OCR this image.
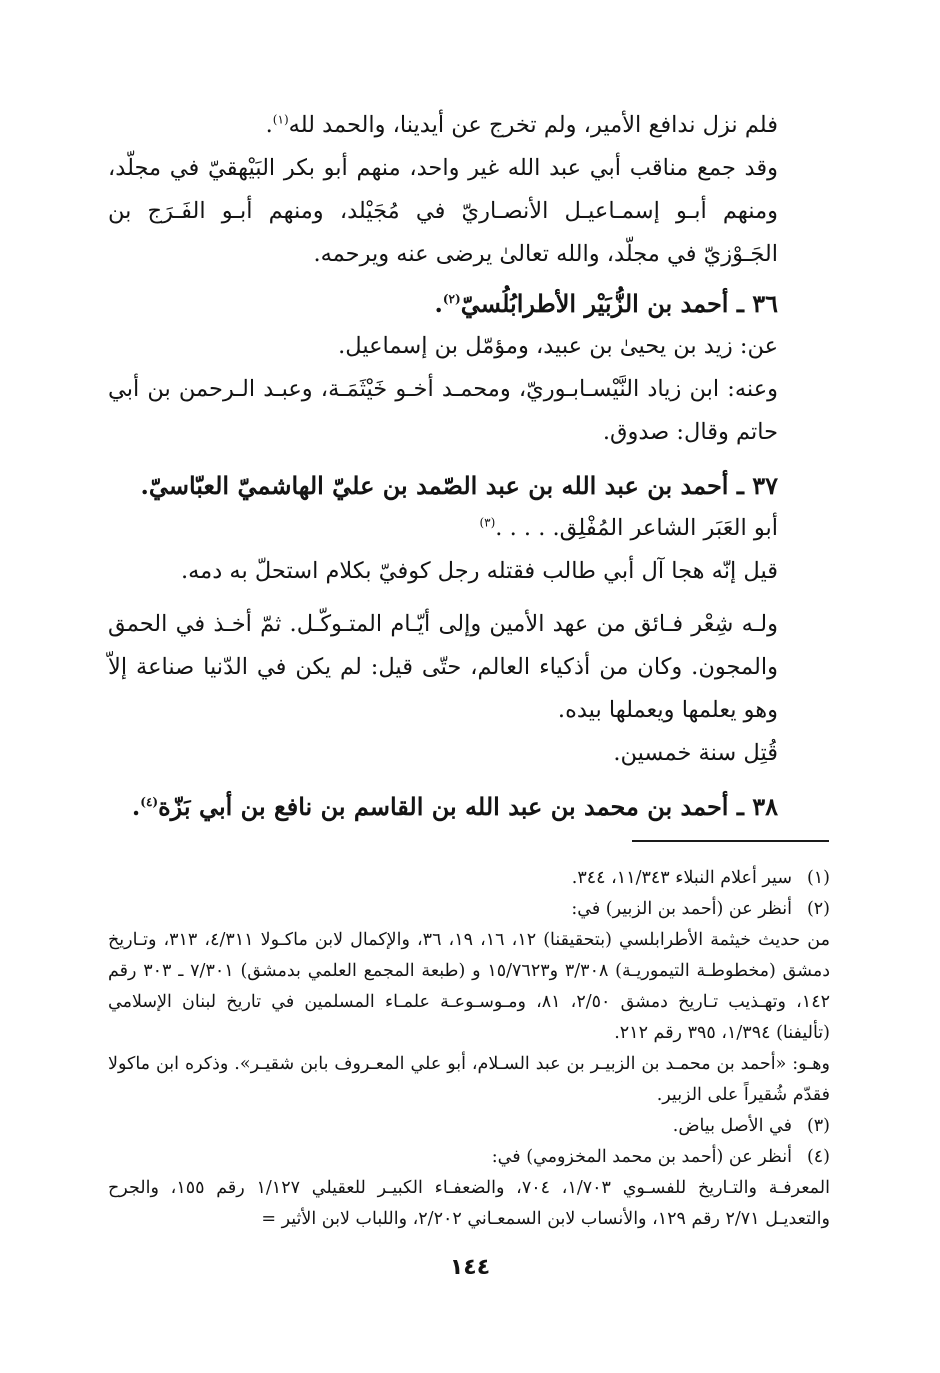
فلم نزل ندافع الأمير، ولم تخرج عن أيدينا، والحمد لله$^{(١)}$.

وقد جمع مناقب أبي عبد الله غير واحد، منهم أبو بكر البَيْهقيّ في مجلّد، ومنهم أبـو إسمـاعيـل الأنصـاريّ في مُجَيْلد، ومنهم أبـو الفَـرَج بن الجَـوْزيّ في مجلّد، والله تعالىٰ يرضى عنه ويرحمه.

٣٦ ـ أحمد بن الزُّبَيْر الأطرابُلُسيّ$^{(٢)}$.

عن: زيد بن يحيىٰ بن عبيد، ومؤمّل بن إسماعيل.

وعنه: ابن زياد النَّيْسـابـوريّ، ومحمـد أخـو خَيْثَمَـة، وعبـد الـرحمن بن أبي حاتم وقال: صدوق.

٣٧ ـ أحمد بن عبد الله بن عبد الصّمد بن عليّ الهاشميّ العبّاسيّ.

أبو العَبَر الشاعر المُفْلِق. . . . .$^{(٣)}$

قيل إنّه هجا آل أبي طالب فقتله رجل كوفيّ بكلام استحلّ به دمه.

ولـه شِعْر فـائق من عهد الأمين وإلى أيّـام المتـوكّـل. ثمّ أخـذ في الحمق والمجون. وكان من أذكياء العالم، حتّى قيل: لم يكن في الدّنيا صناعة إلاّ وهو يعلمها ويعملها بيده.

قُتِل سنة خمسين.

٣٨ ـ أحمد بن محمد بن عبد الله بن القاسم بن نافع بن أبي بَزّة$^{(٤)}$.

(١)سير أعلام النبلاء ١١/٣٤٣، ٣٤٤.

(٢)أنظر عن (أحمد بن الزبير) في:

من حديث خيثمة الأطرابلسي (بتحقيقنا) ١٢، ١٦، ١٩، ٣٦، والإكمال لابن ماكـولا ٤/٣١١، ٣١٣، وتـاريخ دمشق (مخطوطـة التيموريـة) ٣/٣٠٨ و١٥/٧٦٢٣ و (طبعة المجمع العلمي بدمشق) ٧/٣٠١ ـ ٣٠٣ رقم ١٤٢، وتهـذيب تـاريخ دمشق ٢/٥٠، ٨١، ومـوسـوعـة علمـاء المسلمين في تاريخ لبنان الإسلامي (تأليفنا) ١/٣٩٤، ٣٩٥ رقم ٢١٢.

وهـو: «أحمد بن محمـد بن الزبيـر بن عبد السـلام، أبو علي المعـروف بابن شقيـر». وذكره ابن ماكولا فقدّم شُقيراً على الزبير.

(٣)في الأصل بياض.

(٤)أنظر عن (أحمد بن محمد المخزومي) في:

المعرفـة والتـاريخ للفسـوي ١/٧٠٣، ٧٠٤، والضعفـاء الكبيـر للعقيلي ١/١٢٧ رقم ١٥٥، والجرح والتعديـل ٢/٧١ رقم ١٢٩، والأنساب لابن السمعـاني ٢/٢٠٢، واللباب لابن الأثير =

١٤٤
